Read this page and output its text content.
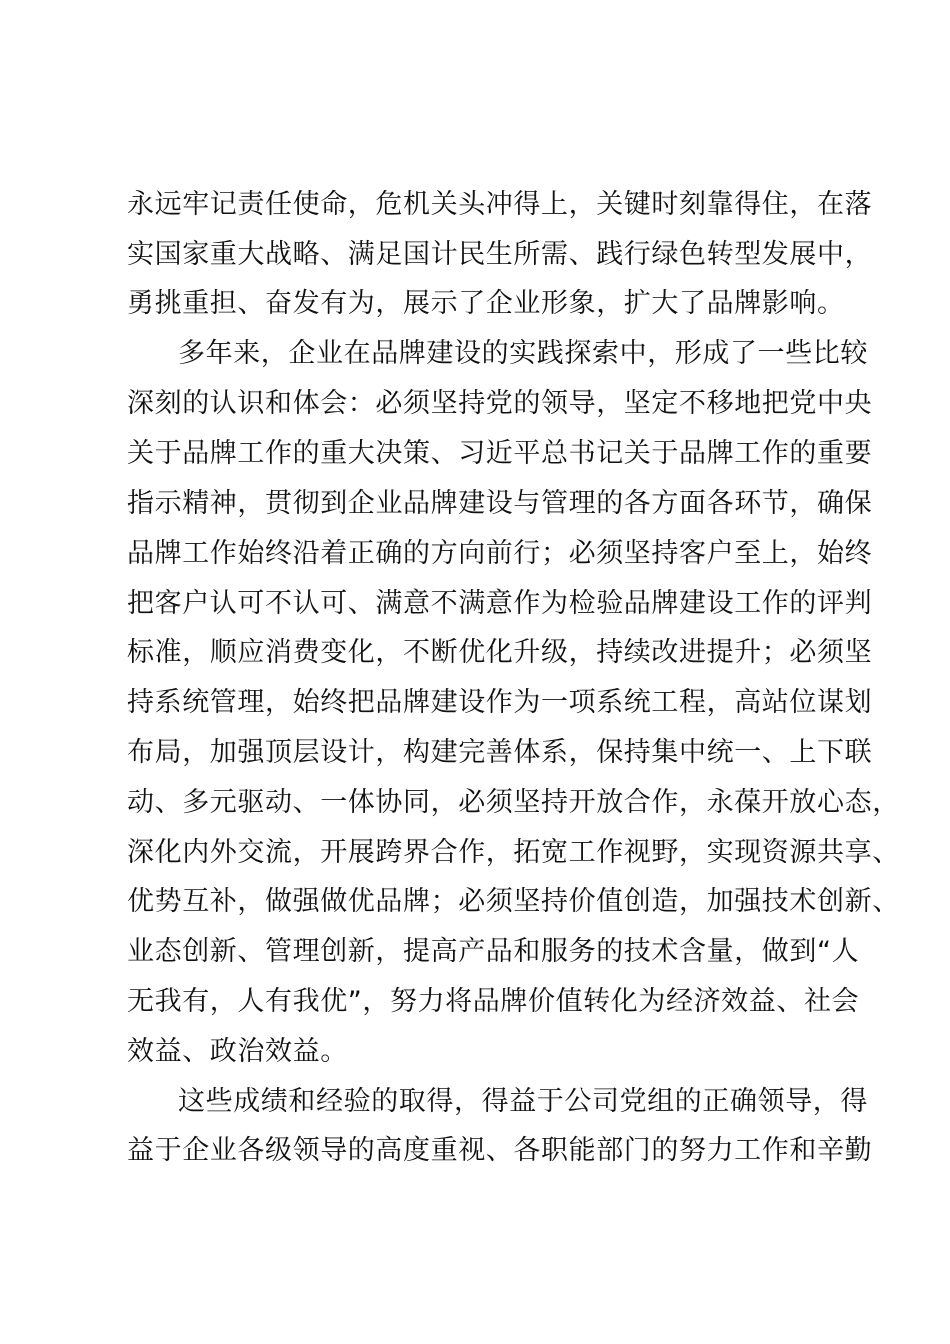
永远牢记责任使命，危机关头冲得上，关键时刻靠得住，在落

实国家重大战略、满足国计民生所需、践行绿色转型发展中，

勇挑重担、奋发有为，展示了企业形象，扩大了品牌影响。

多年来，企业在品牌建设的实践探索中，形成了一些比较

深刻的认识和体会：必须坚持党的领导，坚定不移地把党中央

关于品牌工作的重大决策、习近平总书记关于品牌工作的重要

指示精神，贯彻到企业品牌建设与管理的各方面各环节，确保

品牌工作始终沿着正确的方向前行；必须坚持客户至上，始终

把客户认可不认可、满意不满意作为检验品牌建设工作的评判

标准，顺应消费变化，不断优化升级，持续改进提升；必须坚

持系统管理，始终把品牌建设作为一项系统工程，高站位谋划

布局，加强顶层设计，构建完善体系，保持集中统一、上下联

动、多元驱动、一体协同，必须坚持开放合作，永葆开放心态，

深化内外交流，开展跨界合作，拓宽工作视野，实现资源共享、

优势互补，做强做优品牌；必须坚持价值创造，加强技术创新、

业态创新、管理创新，提高产品和服务的技术含量，做到“人

无我有，人有我优”，努力将品牌价值转化为经济效益、社会

效益、政治效益。

这些成绩和经验的取得，得益于公司党组的正确领导，得

益于企业各级领导的高度重视、各职能部门的努力工作和辛勤
